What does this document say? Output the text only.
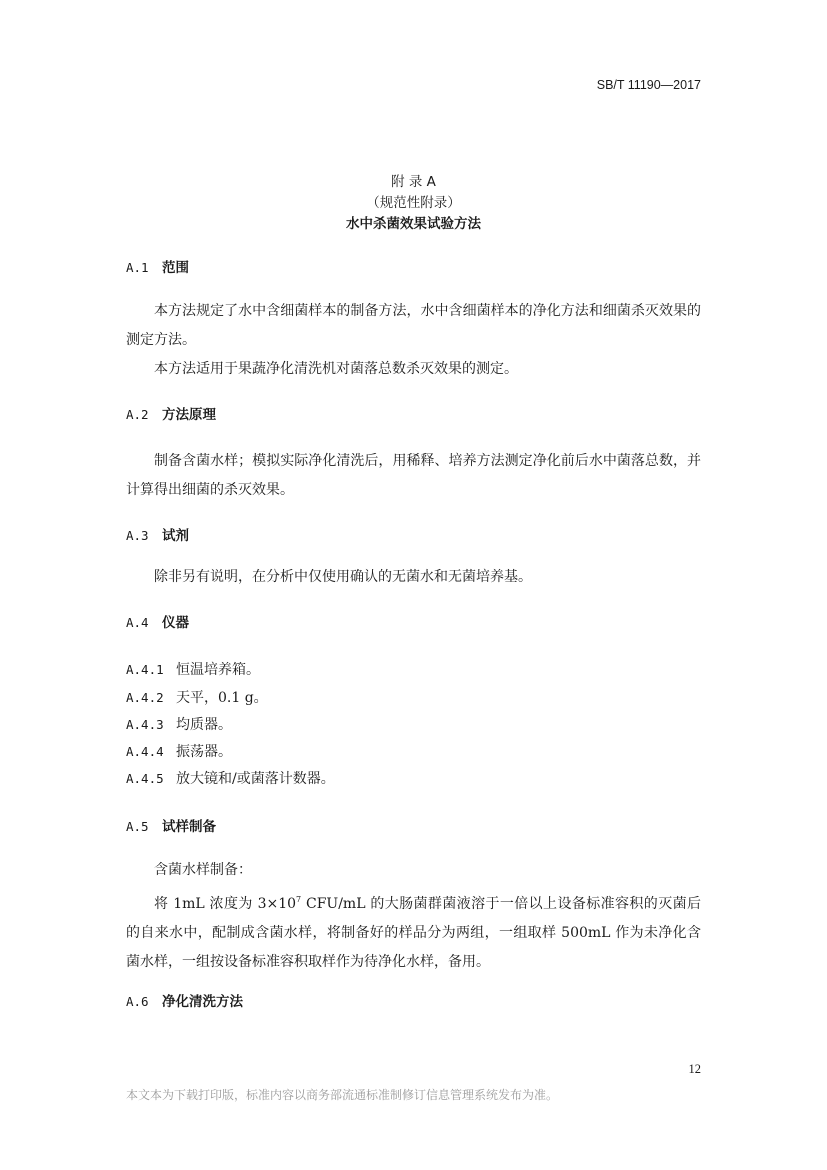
SB/T 11190—2017
附 录 A
（规范性附录）
水中杀菌效果试验方法
A.1 范围

本方法规定了水中含细菌样本的制备方法，水中含细菌样本的净化方法和细菌杀灭效果的测定方法。

本方法适用于果蔬净化清洗机对菌落总数杀灭效果的测定。

A.2 方法原理

制备含菌水样；模拟实际净化清洗后，用稀释、培养方法测定净化前后水中菌落总数，并计算得出细菌的杀灭效果。

A.3 试剂

除非另有说明，在分析中仅使用确认的无菌水和无菌培养基。

A.4 仪器
A.4.1 恒温培养箱。
A.4.2 天平，0.1 g。
A.4.3 均质器。
A.4.4 振荡器。
A.4.5 放大镜和/或菌落计数器。
A.5 试样制备

含菌水样制备：

将 1mL 浓度为 $3\times 10^7$ CFU/mL 的大肠菌群菌液溶于一倍以上设备标准容积的灭菌后的自来水中，配制成含菌水样，将制备好的样品分为两组，一组取样 500mL 作为未净化含菌水样，一组按设备标准容积取样作为待净化水样，备用。

A.6 净化清洗方法
12
本文本为下载打印版，标准内容以商务部流通标准制修订信息管理系统发布为准。
